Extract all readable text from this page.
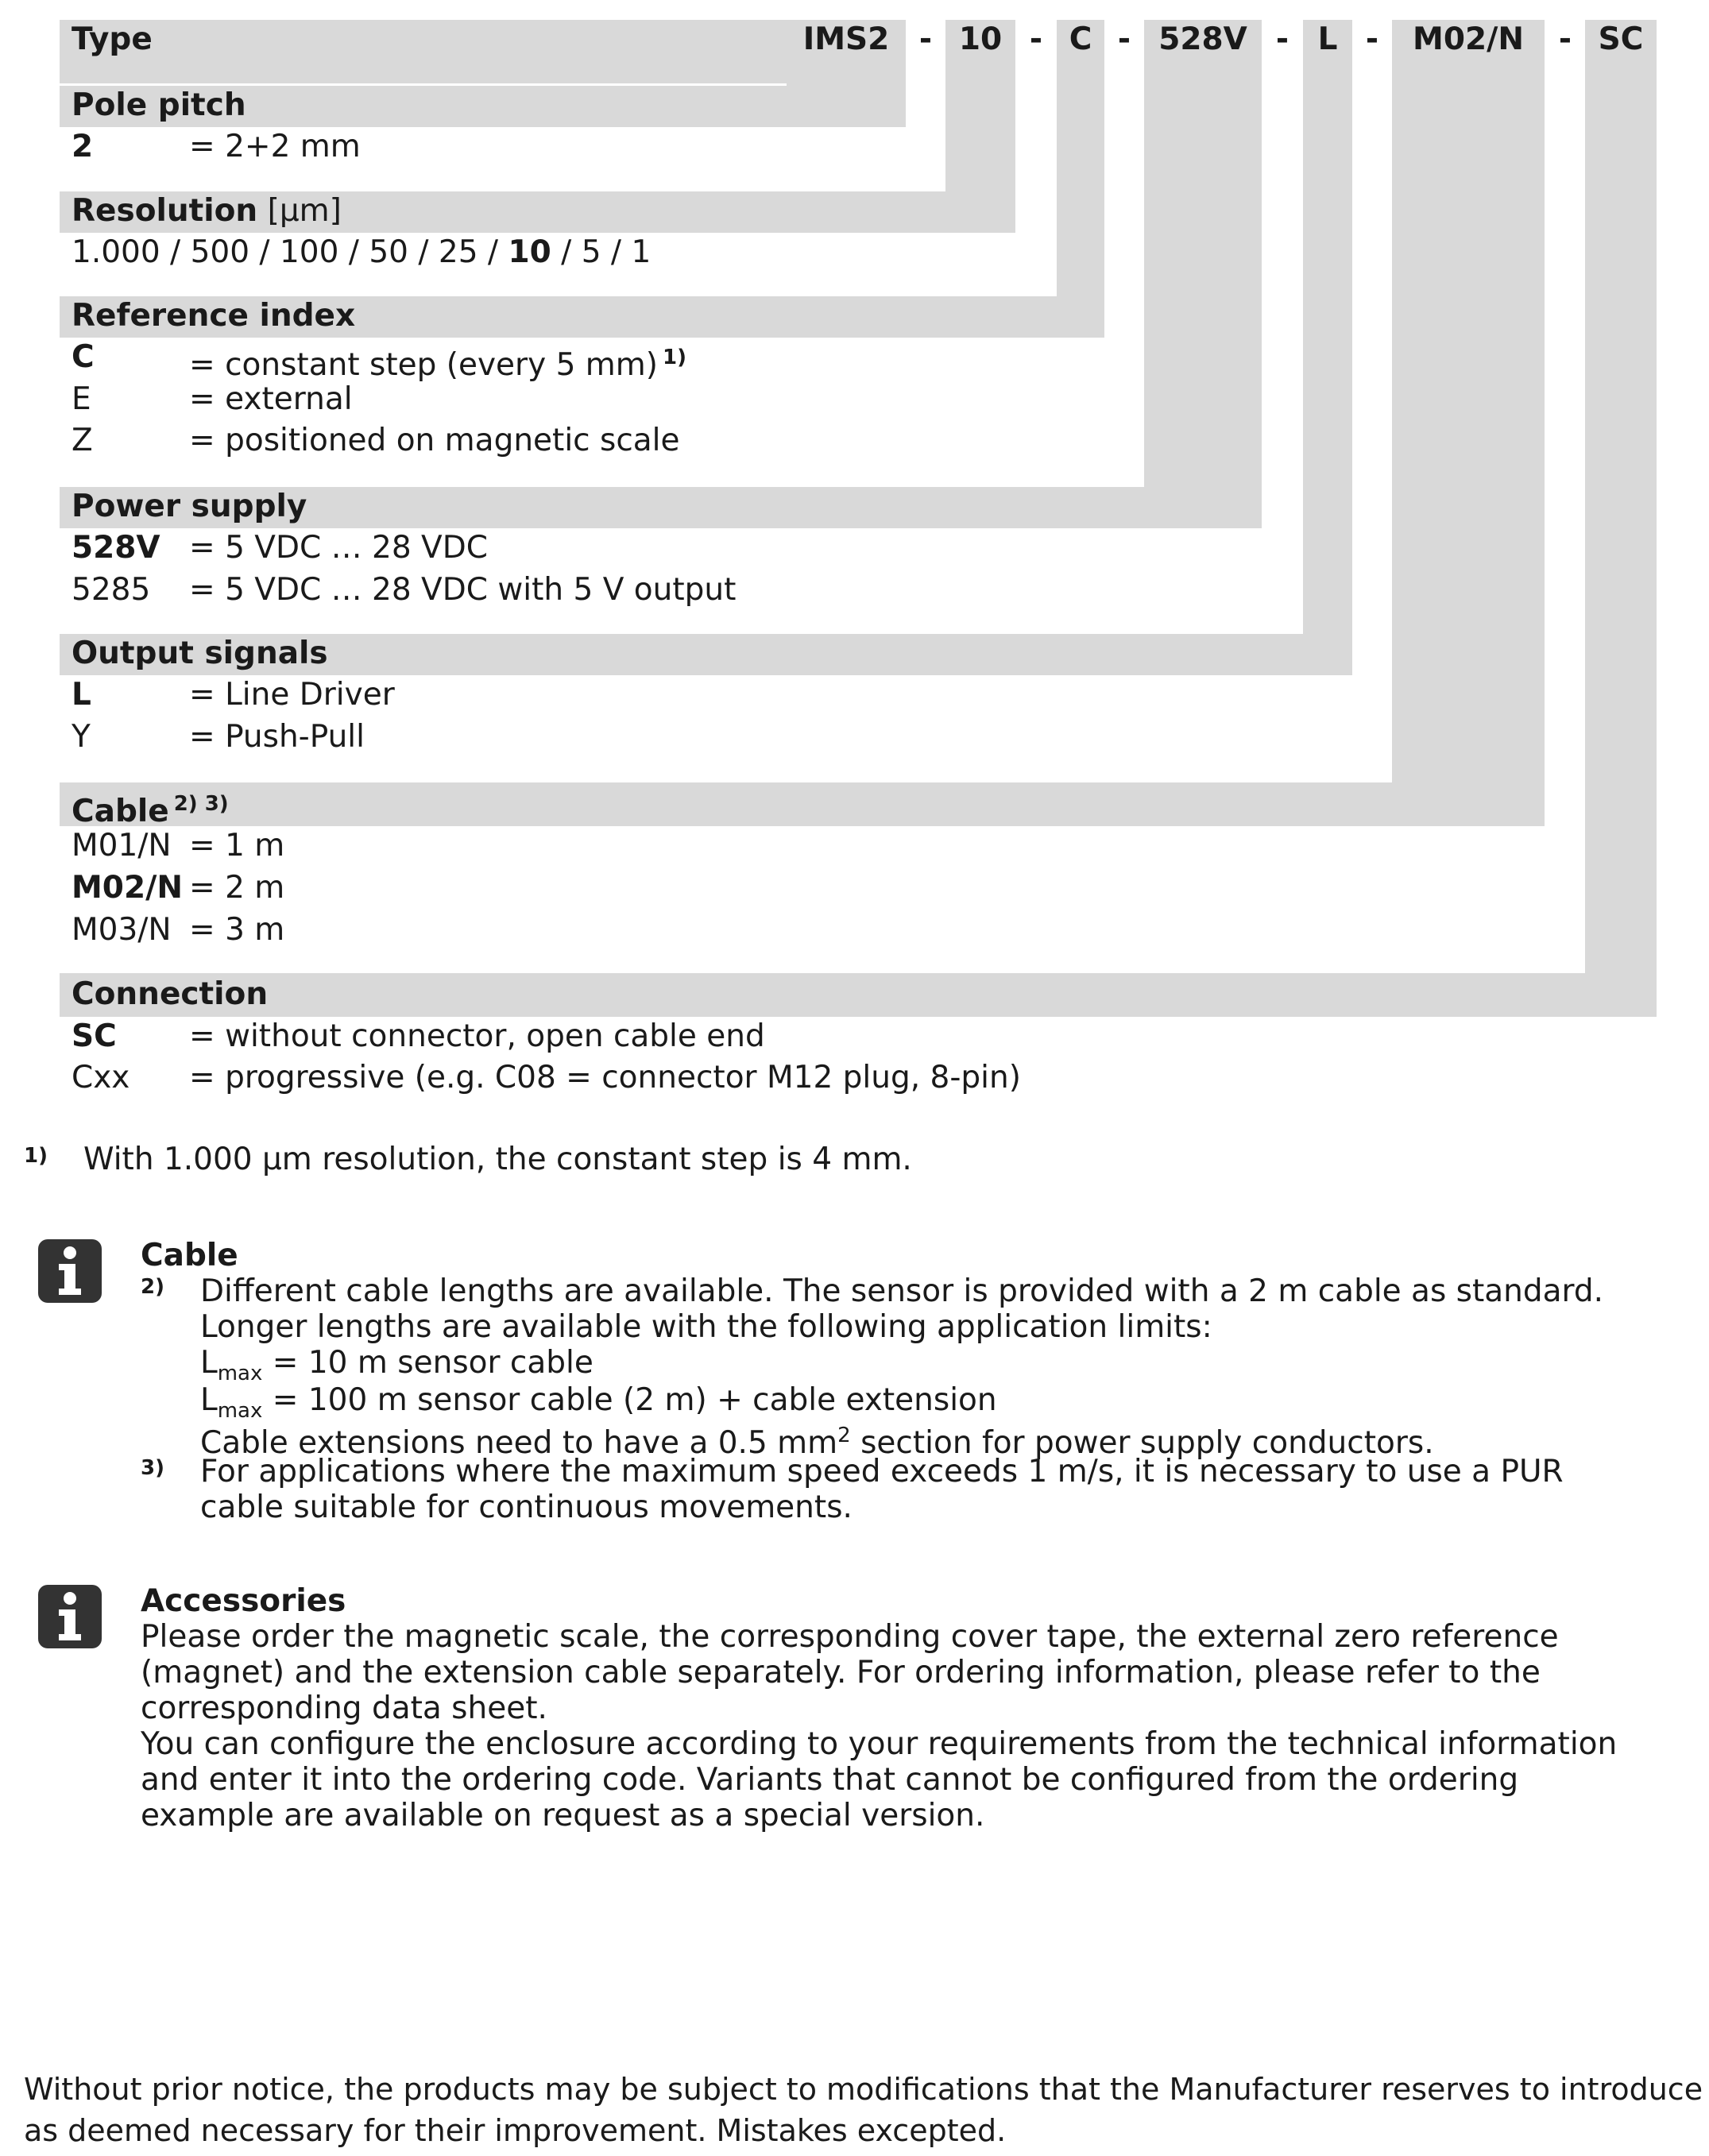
Type	IMS2 - 10 - C - 528V - L -	M02/N	- SC
Pole pitch
2	= 2+2 mm
Resolution [µm]
1.000 / 500 / 100 / 50 / 25 / 10 / 5 / 1
Reference index
C	= constant step (every 5 mm) $^{1)}$
E	= external
Z	= positioned on magnetic scale
Power supply
528V = 5 VDC … 28 VDC
5285 = 5 VDC … 28 VDC with 5 V output
Output signals
L	= Line Driver
Y	= Push-Pull
Cable $^{2) 3)}$
M01/N = 1 m
M02/N = 2 m
M03/N = 3 m
Connection
SC = without connector, open cable end
Cxx = progressive (e.g. C08 = connector M12 plug, 8-pin)
1) With 1.000 µm resolution, the constant step is 4 mm.
Cable
2) Different cable lengths are available. The sensor is provided with a 2 m cable as standard.
Longer lengths are available with the following application limits:
$L_{max} = 10$ m sensor cable
$L_{max} = 100$ m sensor cable (2 m) + cable extension
Cable extensions need to have a 0.5 $mm^2$ section for power supply conductors.
3) For applications where the maximum speed exceeds 1 m/s, it is necessary to use a PUR
cable suitable for continuous movements.
Accessories
Please order the magnetic scale, the corresponding cover tape, the external zero reference
(magnet) and the extension cable separately. For ordering information, please refer to the
corresponding data sheet.
You can configure the enclosure according to your requirements from the technical information
and enter it into the ordering code. Variants that cannot be configured from the ordering
example are available on request as a special version.
Without prior notice, the products may be subject to modifications that the Manufacturer reserves to introduce
as deemed necessary for their improvement. Mistakes excepted.
